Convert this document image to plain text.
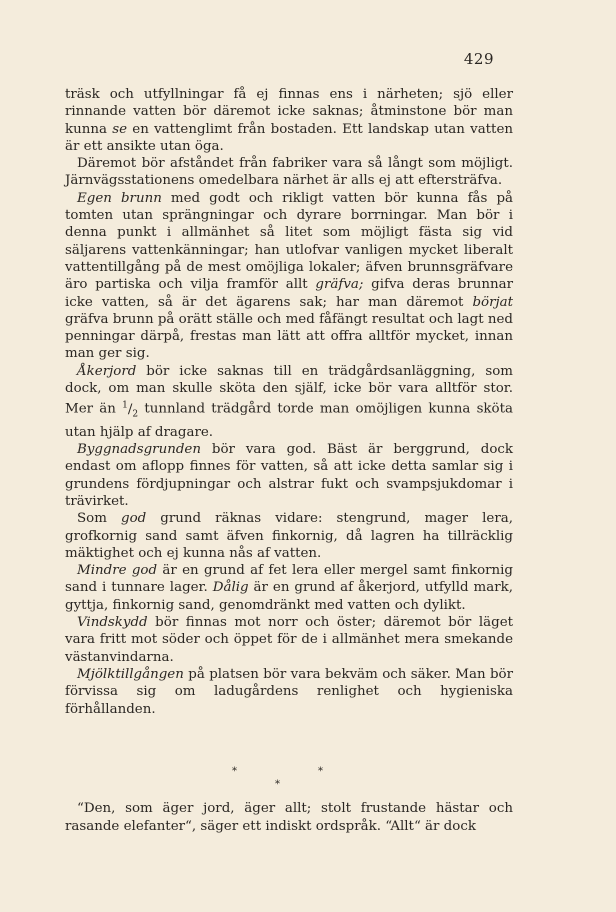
429

träsk och utfyllningar få ej finnas ens i närheten; sjö eller rinnande vatten bör däremot icke saknas; åtminstone bör man kunna se en vattenglimt från bostaden. Ett landskap utan vatten är ett ansikte utan öga.

Däremot bör afståndet från fabriker vara så långt som möjligt. Järnvägsstationens omedelbara närhet är alls ej att eftersträfva.

Egen brunn med godt och rikligt vatten bör kunna fås på tomten utan sprängningar och dyrare borrningar. Man bör i denna punkt i allmänhet så litet som möjligt fästa sig vid säljarens vattenkänningar; han utlofvar vanligen mycket liberalt vattentillgång på de mest omöjliga lokaler; äfven brunnsgräfvare äro partiska och vilja framför allt gräfva; gifva deras brunnar icke vatten, så är det ägarens sak; har man däremot börjat gräfva brunn på orätt ställe och med fåfängt resultat och lagt ned penningar därpå, frestas man lätt att offra alltför mycket, innan man ger sig.

Åkerjord bör icke saknas till en trädgårdsanläggning, som dock, om man skulle sköta den själf, icke bör vara alltför stor. Mer än $^1/_2$ tunnland trädgård torde man omöjligen kunna sköta utan hjälp af dragare.

Byggnadsgrunden bör vara god. Bäst är berggrund, dock endast om aflopp finnes för vatten, så att icke detta samlar sig i grundens fördjupningar och alstrar fukt och svampsjukdomar i trävirket.

Som god grund räknas vidare: stengrund, mager lera, grofkornig sand samt äfven finkornig, då lagren ha tillräcklig mäktighet och ej kunna nås af vatten.

Mindre god är en grund af fet lera eller mergel samt finkornig sand i tunnare lager. Dålig är en grund af åkerjord, utfylld mark, gyttja, finkornig sand, genomdränkt med vatten och dylikt.

Vindskydd bör finnas mot norr och öster; däremot bör läget vara fritt mot söder och öppet för de i allmänhet mera smekande västanvindarna.

Mjölktillgången på platsen bör vara bekväm och säker. Man bör förvissa sig om ladugårdens renlighet och hygieniska förhållanden.

*	*
*

“Den, som äger jord, äger allt; stolt frustande hästar och rasande elefanter“, säger ett indiskt ordspråk. “Allt“ är dock
